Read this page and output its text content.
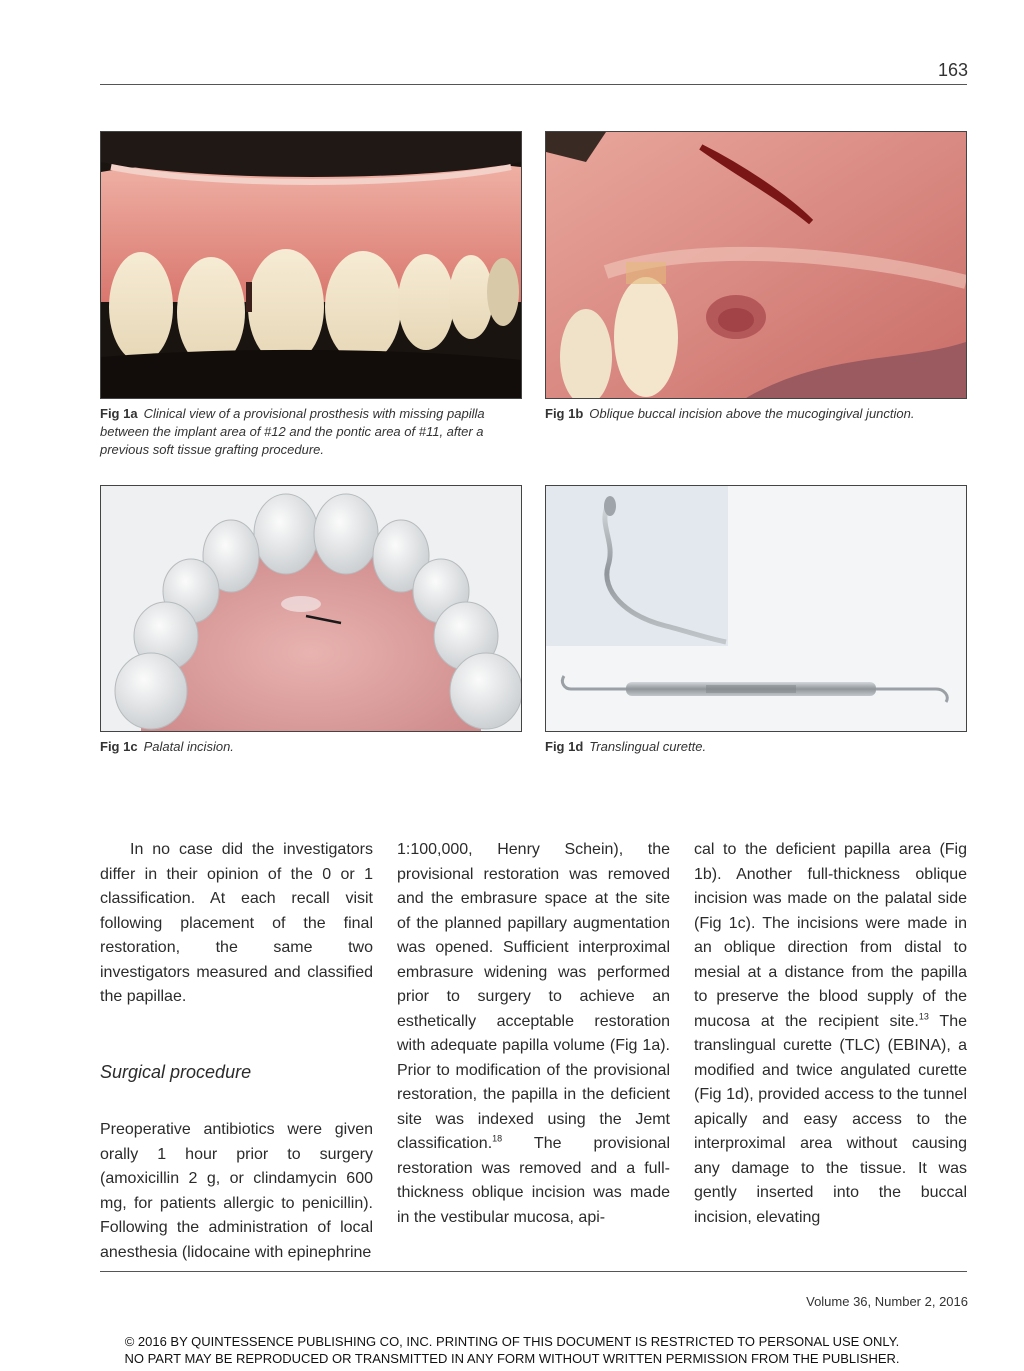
163
Fig 1a Clinical view of a provisional prosthesis with missing papilla between the implant area of #12 and the pontic area of #11, after a previous soft tissue grafting procedure.
Fig 1b Oblique buccal incision above the mucogingival junction.
Fig 1c Palatal incision.	Fig 1d Translingual curette.

In no case did the investigators differ in their opinion of the 0 or 1 classification. At each recall visit following placement of the final restoration, the same two investigators measured and classified the papillae.

Surgical procedure

Preoperative antibiotics were given orally 1 hour prior to surgery (amoxicillin 2 g, or clindamycin 600 mg, for patients allergic to penicillin). Following the administration of local anesthesia (lidocaine with epinephrine

1:100,000, Henry Schein), the provisional restoration was removed and the embrasure space at the site of the planned papillary augmentation was opened. Sufficient interproximal embrasure widening was performed prior to surgery to achieve an esthetically acceptable restoration with adequate papilla volume (Fig 1a). Prior to modification of the provisional restoration, the papilla in the deficient site was indexed using the Jemt classification.$^{18}$ The provisional restoration was removed and a full-thickness oblique incision was made in the vestibular mucosa, api-

cal to the deficient papilla area (Fig 1b). Another full-thickness oblique incision was made on the palatal side (Fig 1c). The incisions were made in an oblique direction from distal to mesial at a distance from the papilla to preserve the blood supply of the mucosa at the recipient site.$^{13}$ The translingual curette (TLC) (EBINA), a modified and twice angulated curette (Fig 1d), provided access to the tunnel apically and easy access to the interproximal area without causing any damage to the tissue. It was gently inserted into the buccal incision, elevating

Volume 36, Number 2, 2016
© 2016 BY QUINTESSENCE PUBLISHING CO, INC. PRINTING OF THIS DOCUMENT IS RESTRICTED TO PERSONAL USE ONLY.
NO PART MAY BE REPRODUCED OR TRANSMITTED IN ANY FORM WITHOUT WRITTEN PERMISSION FROM THE PUBLISHER.
